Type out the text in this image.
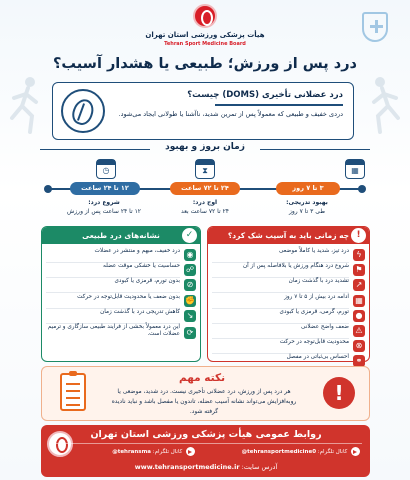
هیأت پزشکی ورزشی استان تهران
Tehran Sport Medicine Board
درد پس از ورزش؛ طبیعی یا هشدار آسیب؟
درد عضلانی تأخیری (DOMS) چیست؟
دردی خفیف و طبیعی که معمولاً پس از تمرین شدید، ناآشنا یا طولانی ایجاد می‌شود.
زمان بروز و بهبود
▦
⧗
◷
۱۲ تا ۲۴ ساعت	۲۴ تا ۷۲ ساعت	۳ تا ۷ روز
شروع درد:
۱۲ تا ۲۴ ساعت پس از ورزش
اوج درد:
۲۴ تا ۷۲ ساعت بعد
بهبود تدریجی:
طی ۳ تا ۷ روز
نشانه‌های درد طبیعی	✓
◉
درد خفیف، مبهم و منتشر در عضلات
☍
حساسیت یا خشکی موقت عضله
⊘
بدون تورم، قرمزی یا کبودی
✊
بدون ضعف یا محدودیت قابل‌توجه در حرکت
↘
کاهش تدریجی درد با گذشت زمان
⟳
این درد معمولاً بخشی از فرایند طبیعی سازگاری و ترمیم عضلات است.
چه زمانی باید به آسیب شک کرد؟ !
ϟ
درد تیز، شدید یا کاملاً موضعی
⚑
شروع درد هنگام ورزش یا بلافاصله پس از آن
↗
تشدید درد با گذشت زمان
▦
ادامه درد بیش از ۵ تا ۷ روز
●
تورم، گرمی، قرمزی یا کبودی
⚠
ضعف واضح عضلانی
⊗
محدودیت قابل‌توجه در حرکت
⚭
احساس بی‌ثباتی در مفصل
!
نکته مهم
هر درد پس از ورزش، درد عضلانی تأخیری نیست. درد شدید، موضعی یا روبه‌افزایش می‌تواند نشانه آسیب عضله، تاندون یا مفصل باشد و نباید نادیده گرفته شود.
روابط عمومی هیأت پزشکی ورزشی استان تهران
کانال تلگرام: @tehransportmedicine0
کانال تلگرام: @tehransma
آدرس سایت: www.tehransportmedicine.ir
